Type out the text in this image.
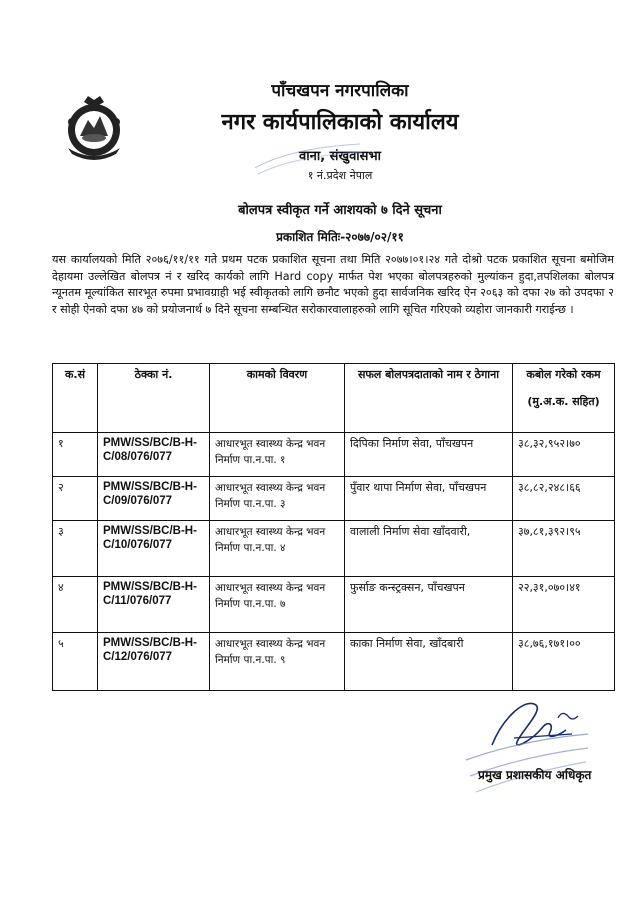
पाँचखपन नगरपालिका
नगर कार्यपालिकाको कार्यालय
वाना, संखुवासभा
१ नं.प्रदेश नेपाल
बोलपत्र स्वीकृत गर्ने आशयको ७ दिने सूचना
प्रकाशित मितिः-२०७७/०२/११
यस कार्यालयको मिति २०७६/११/११ गते प्रथम पटक प्रकाशित सूचना तथा मिति २०७७।०१।२४ गते दोश्रो पटक प्रकाशित सूचना बमोजिम देहायमा उल्लेखित बोलपत्र नं र खरिद कार्यको लागि Hard copy मार्फत पेश भएका बोलपत्रहरुको मुल्यांकन हुदा,तपशिलका बोलपत्र न्यूनतम मूल्यांकित सारभूत रुपमा प्रभावग्राही भई स्वीकृतको लागि छनौट भएको हुदा सार्वजनिक खरिद ऐन २०६३ को दफा २७ को उपदफा २ र सोही ऐनको दफा ४७ को प्रयोजनार्थ ७ दिने सूचना सम्बन्धित सरोकारवालाहरुको लागि सूचित गरिएको व्यहोरा जानकारी गराईन्छ ।
क.सं	ठेक्का नं.	कामको विवरण	सफल बोलपत्रदाताको नाम र ठेगाना	कबोल गरेको रकम
(मु.अ.क. सहित)

१	PMW/SS/BC/B-H-C/08/076/077	आधारभूत स्वास्थ्य केन्द्र भवन निर्माण पा.न.पा. १	दिपिका निर्माण सेवा, पाँचखपन	३८,३२,९५२।७०
२	PMW/SS/BC/B-H-C/09/076/077	आधारभूत स्वास्थ्य केन्द्र भवन निर्माण पा.न.पा. ३	पुँवार थापा निर्माण सेवा, पाँचखपन	३८,८२,२४८।६६
३	PMW/SS/BC/B-H-C/10/076/077	आधारभूत स्वास्थ्य केन्द्र भवन निर्माण पा.न.पा. ४	वालाली निर्माण सेवा खाँदवारी,	३७,८१,३९२।९५
४	PMW/SS/BC/B-H-C/11/076/077	आधारभूत स्वास्थ्य केन्द्र भवन निर्माण पा.न.पा. ७	फुर्साङ कन्स्ट्रक्सन, पाँचखपन	२२,३१,०७०।४१
५	PMW/SS/BC/B-H-C/12/076/077	आधारभूत स्वास्थ्य केन्द्र भवन निर्माण पा.न.पा. ९	काका निर्माण सेवा, खाँदबारी	३८,७६,१७१।००
प्रमुख प्रशासकीय अधिकृत
